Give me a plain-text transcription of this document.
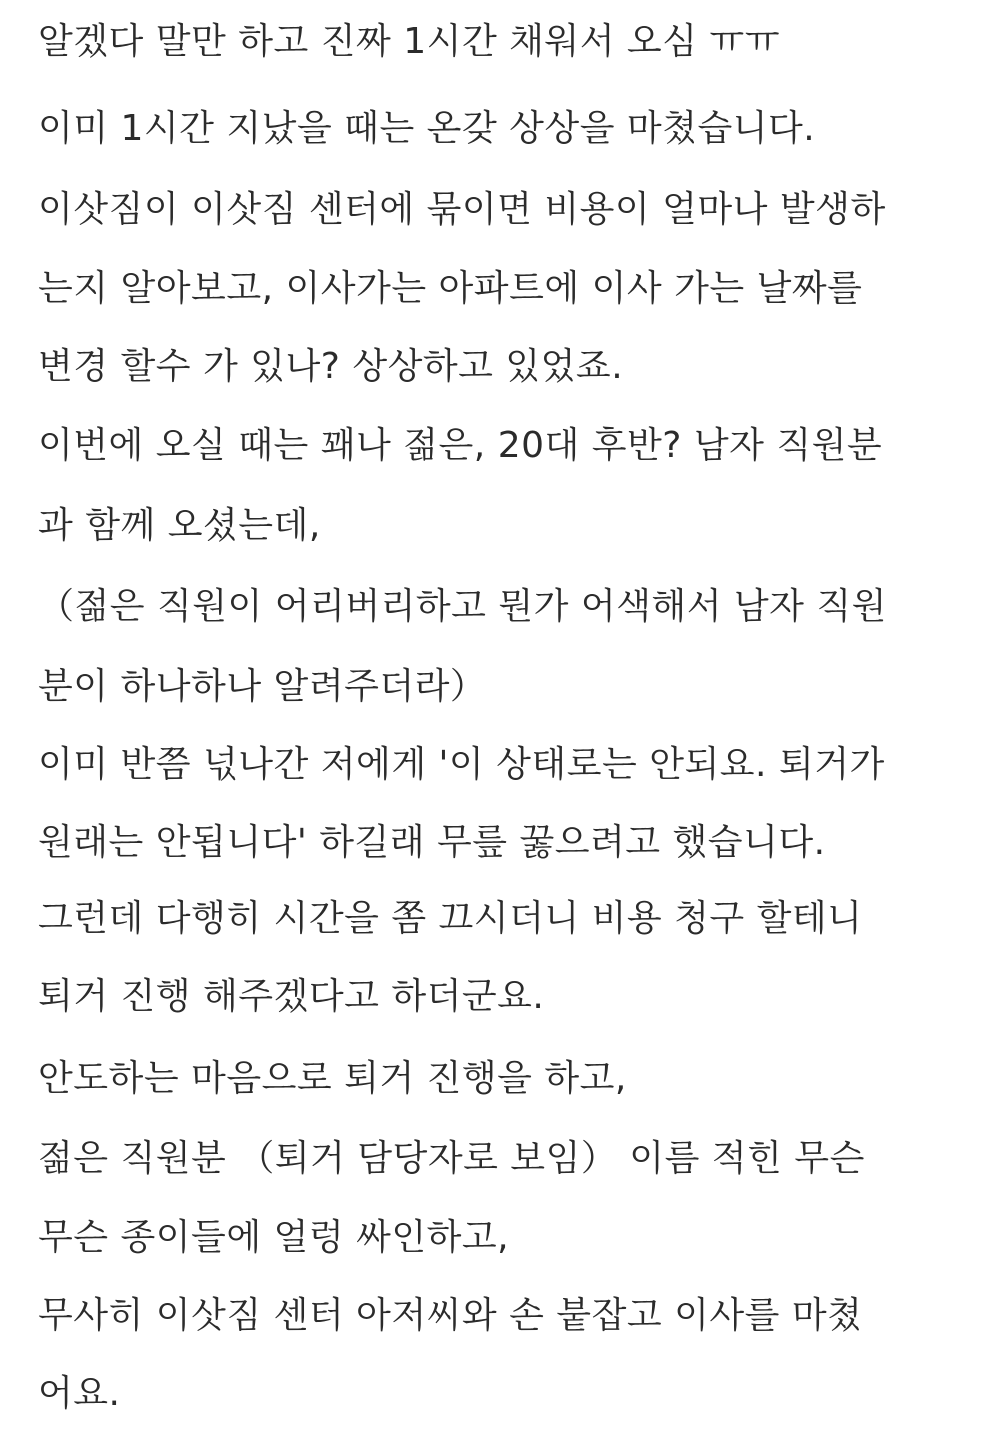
알겠다 말만 하고 진짜 1시간 채워서 오심 ㅠㅠ
이미 1시간 지났을 때는 온갖 상상을 마쳤습니다.
이삿짐이 이삿짐 센터에 묶이면 비용이 얼마나 발생하
는지 알아보고, 이사가는 아파트에 이사 가는 날짜를
변경 할수 가 있나? 상상하고 있었죠.
이번에 오실 때는 꽤나 젊은, 20대 후반? 남자 직원분
과 함께 오셨는데,
（젊은 직원이 어리버리하고 뭔가 어색해서 남자 직원
분이 하나하나 알려주더라）
이미 반쯤 넋나간 저에게 '이 상태로는 안되요. 퇴거가
원래는 안됩니다' 하길래 무릎 꿇으려고 했습니다.
그런데 다행히 시간을 쫌 끄시더니 비용 청구 할테니
퇴거 진행 해주겠다고 하더군요.
안도하는 마음으로 퇴거 진행을 하고,
젊은 직원분 （퇴거 담당자로 보임） 이름 적힌 무슨
무슨 종이들에 얼렁 싸인하고,
무사히 이삿짐 센터 아저씨와 손 붙잡고 이사를 마쳤
어요.
